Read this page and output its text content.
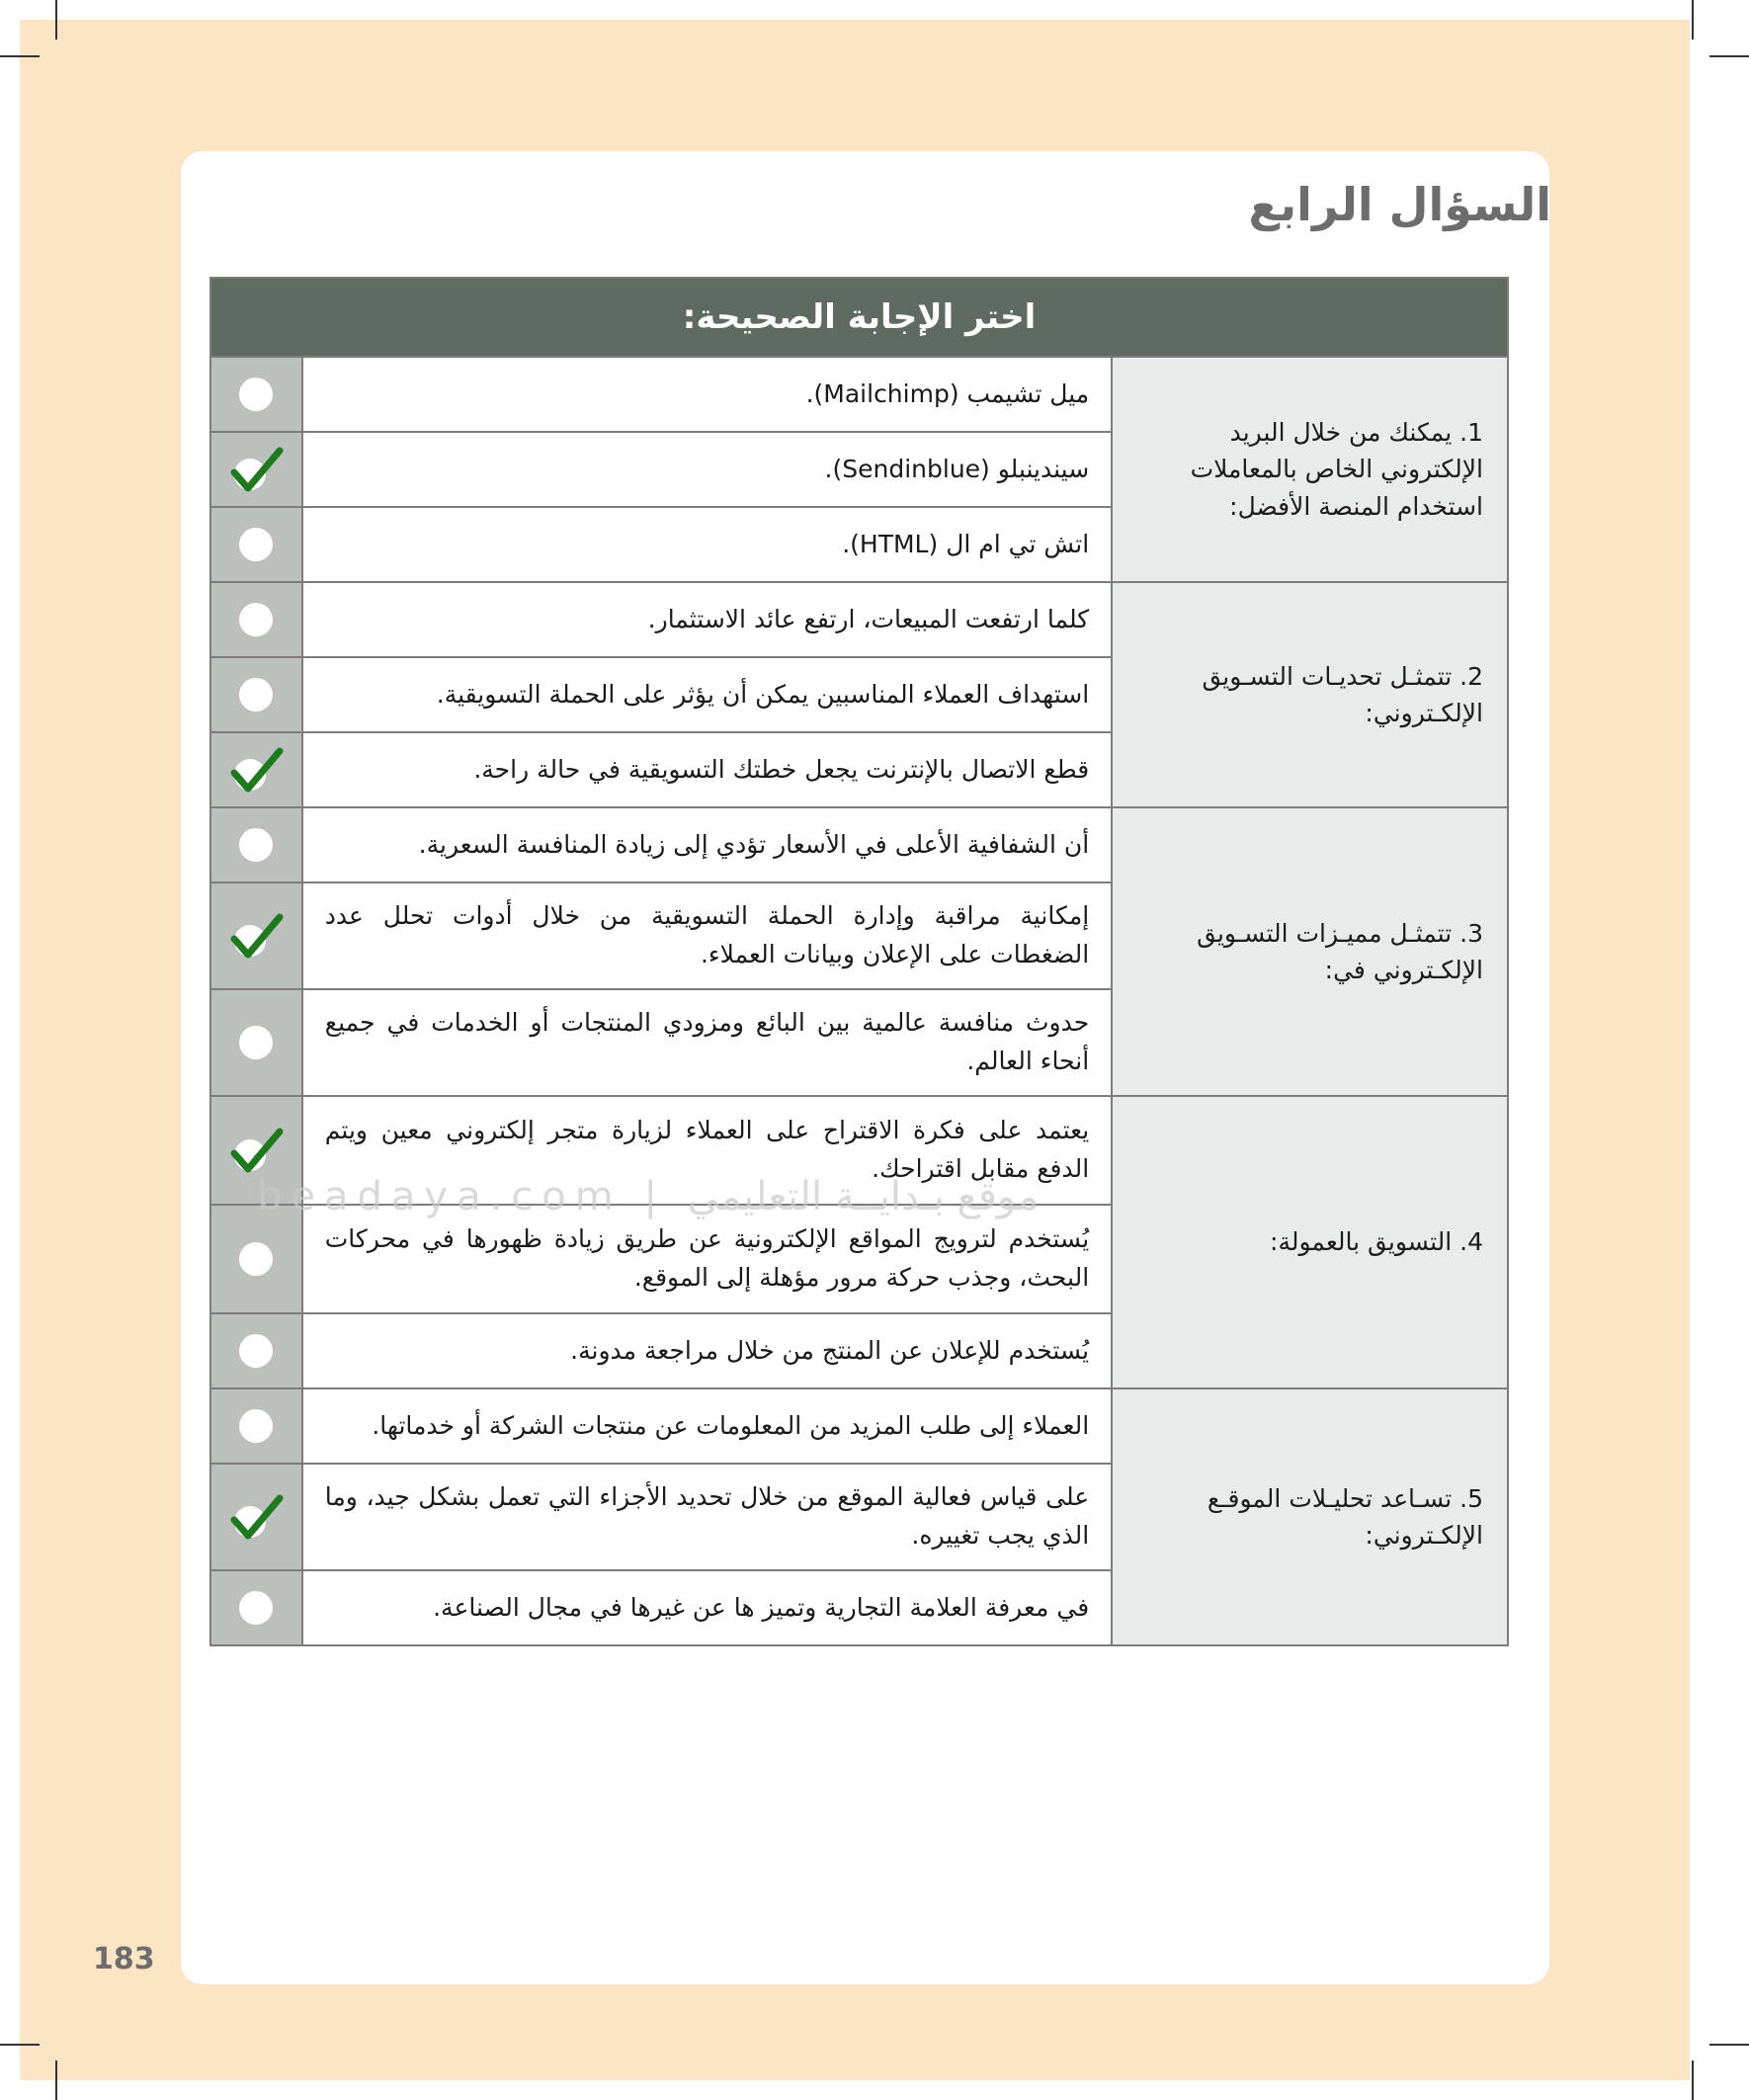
السؤال الرابع
اختر الإجابة الصحيحة:		
1. يمكنك من خلال البريد الإلكتروني الخاص بالمعاملات استخدام المنصة الأفضل:	ميل تشيمب (Mailchimp).	
	سيندينبلو (Sendinblue).	
	اتش تي ام ال (HTML).	
2. تتمثـل تحديـات التسـويق الإلكـتروني:	كلما ارتفعت المبيعات، ارتفع عائد الاستثمار.	
	استهداف العملاء المناسبين يمكن أن يؤثر على الحملة التسويقية.	
	قطع الاتصال بالإنترنت يجعل خطتك التسويقية في حالة راحة.	
3. تتمثـل مميـزات التسـويق الإلكـتروني في:	أن الشفافية الأعلى في الأسعار تؤدي إلى زيادة المنافسة السعرية.	
	إمكانية مراقبة وإدارة الحملة التسويقية من خلال أدوات تحلل عدد الضغطات على الإعلان وبيانات العملاء.	
	حدوث منافسة عالمية بين البائع ومزودي المنتجات أو الخدمات في جميع أنحاء العالم.	
4. التسويق بالعمولة:	يعتمد على فكرة الاقتراح على العملاء لزيارة متجر إلكتروني معين ويتم الدفع مقابل اقتراحك.	
	يُستخدم لترويج المواقع الإلكترونية عن طريق زيادة ظهورها في محركات البحث، وجذب حركة مرور مؤهلة إلى الموقع.	
	يُستخدم للإعلان عن المنتج من خلال مراجعة مدونة.	
5. تسـاعد تحليـلات الموقـع الإلكـتروني:	العملاء إلى طلب المزيد من المعلومات عن منتجات الشركة أو خدماتها.	
	على قياس فعالية الموقع من خلال تحديد الأجزاء التي تعمل بشكل جيد، وما الذي يجب تغييره.	
	في معرفة العلامة التجارية وتميز ها عن غيرها في مجال الصناعة.	
beadaya.com | موقع بـدايــة التعليمي
183
